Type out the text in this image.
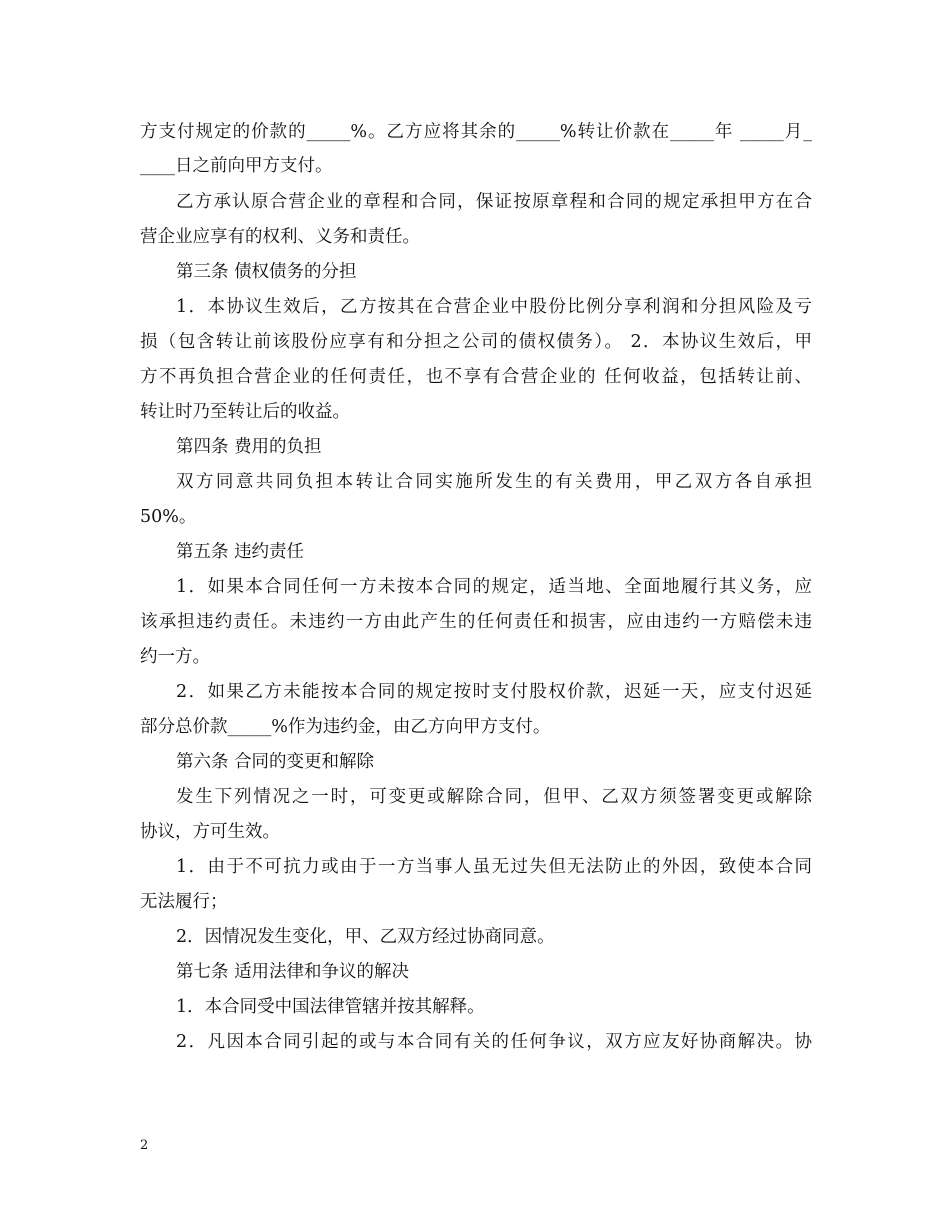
方支付规定的价款的_____%。乙方应将其余的_____%转让价款在_____年 _____月_
____日之前向甲方支付。
乙方承认原合营企业的章程和合同，保证按原章程和合同的规定承担甲方在合
营企业应享有的权利、义务和责任。
第三条 债权债务的分担
1．本协议生效后，乙方按其在合营企业中股份比例分享利润和分担风险及亏
损（包含转让前该股份应享有和分担之公司的债权债务）。 2．本协议生效后，甲
方不再负担合营企业的任何责任，也不享有合营企业的 任何收益，包括转让前、
转让时乃至转让后的收益。
第四条 费用的负担
双方同意共同负担本转让合同实施所发生的有关费用，甲乙双方各自承担
50%。
第五条 违约责任
1．如果本合同任何一方未按本合同的规定，适当地、全面地履行其义务，应
该承担违约责任。未违约一方由此产生的任何责任和损害，应由违约一方赔偿未违
约一方。
2．如果乙方未能按本合同的规定按时支付股权价款，迟延一天，应支付迟延
部分总价款_____%作为违约金，由乙方向甲方支付。
第六条 合同的变更和解除
发生下列情况之一时，可变更或解除合同，但甲、乙双方须签署变更或解除
协议，方可生效。
1．由于不可抗力或由于一方当事人虽无过失但无法防止的外因，致使本合同
无法履行；
2．因情况发生变化，甲、乙双方经过协商同意。
第七条 适用法律和争议的解决
1．本合同受中国法律管辖并按其解释。
2．凡因本合同引起的或与本合同有关的任何争议，双方应友好协商解决。协
2
